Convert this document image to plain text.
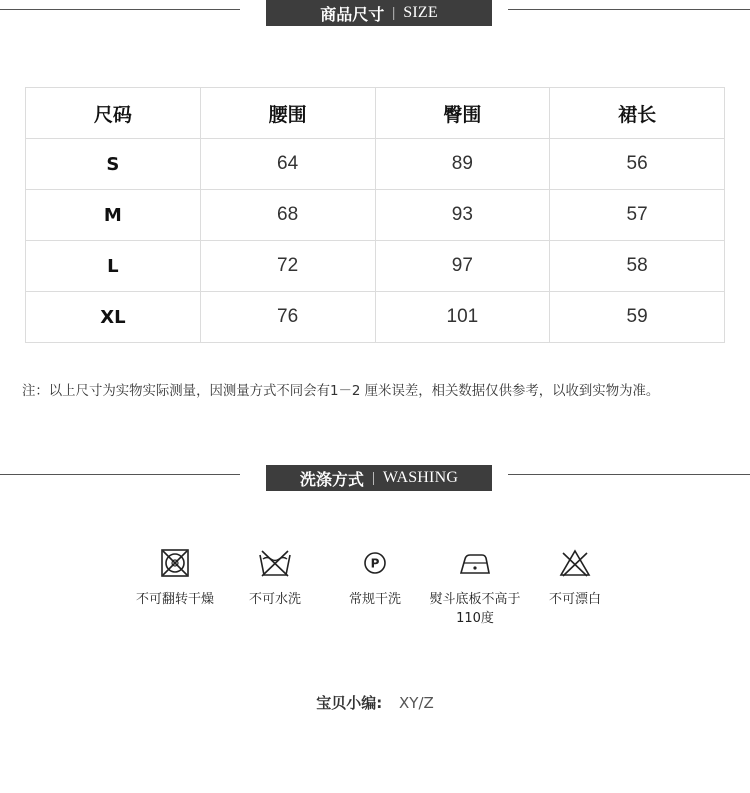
商品尺寸 | SIZE
尺码	腰围	臀围	裙长
S	64	89	56
M	68	93	57
L	72	97	58
XL	76	101	59
注：以上尺寸为实物实际测量，因测量方式不同会有1－2 厘米误差，相关数据仅供参考，以收到实物为准。
洗涤方式 | WASHING
不可翻转干燥	不可水洗
P
常规干洗	熨斗底板不高于110度
不可漂白
宝贝小编: XY/Z
